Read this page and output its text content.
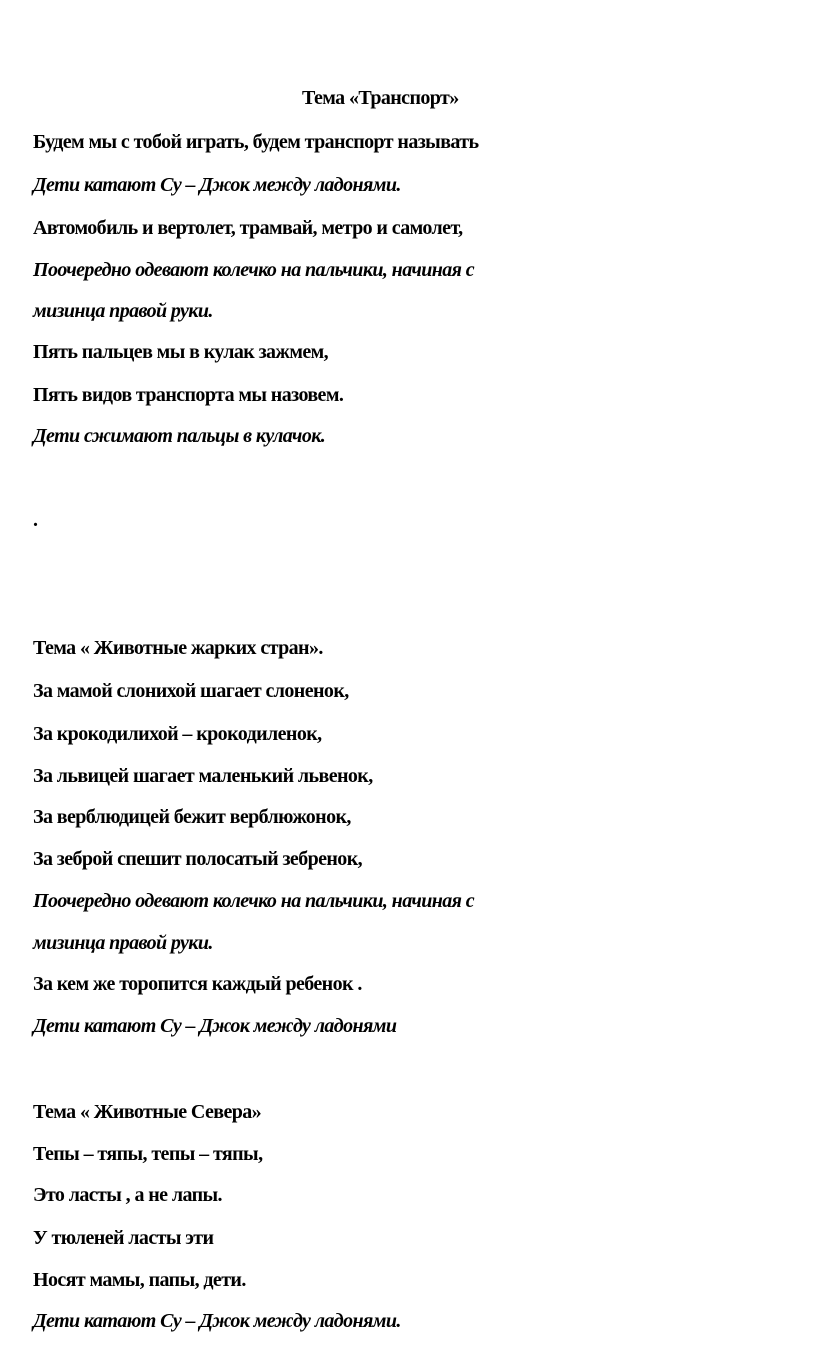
Тема «Транспорт»
Будем мы с тобой играть, будем транспорт называть
Дети катают Су – Джок между ладонями.
Автомобиль и вертолет, трамвай, метро и самолет,
Поочередно одевают колечко на пальчики, начиная с
мизинца правой руки.
Пять пальцев мы в кулак зажмем,
Пять видов транспорта мы назовем.
Дети сжимают пальцы в кулачок.
.
Тема « Животные жарких стран».
За мамой слонихой шагает слоненок,
За крокодилихой – крокодиленок,
За львицей шагает маленький львенок,
За верблюдицей бежит верблюжонок,
За зеброй спешит полосатый зебренок,
Поочередно одевают колечко на пальчики, начиная с
мизинца правой руки.
За кем же торопится каждый ребенок .
Дети катают Су – Джок между ладонями
Тема « Животные Севера»
Тепы – тяпы, тепы – тяпы,
Это ласты , а не лапы.
У тюленей ласты эти
Носят мамы, папы, дети.
Дети катают Су – Джок между ладонями.
